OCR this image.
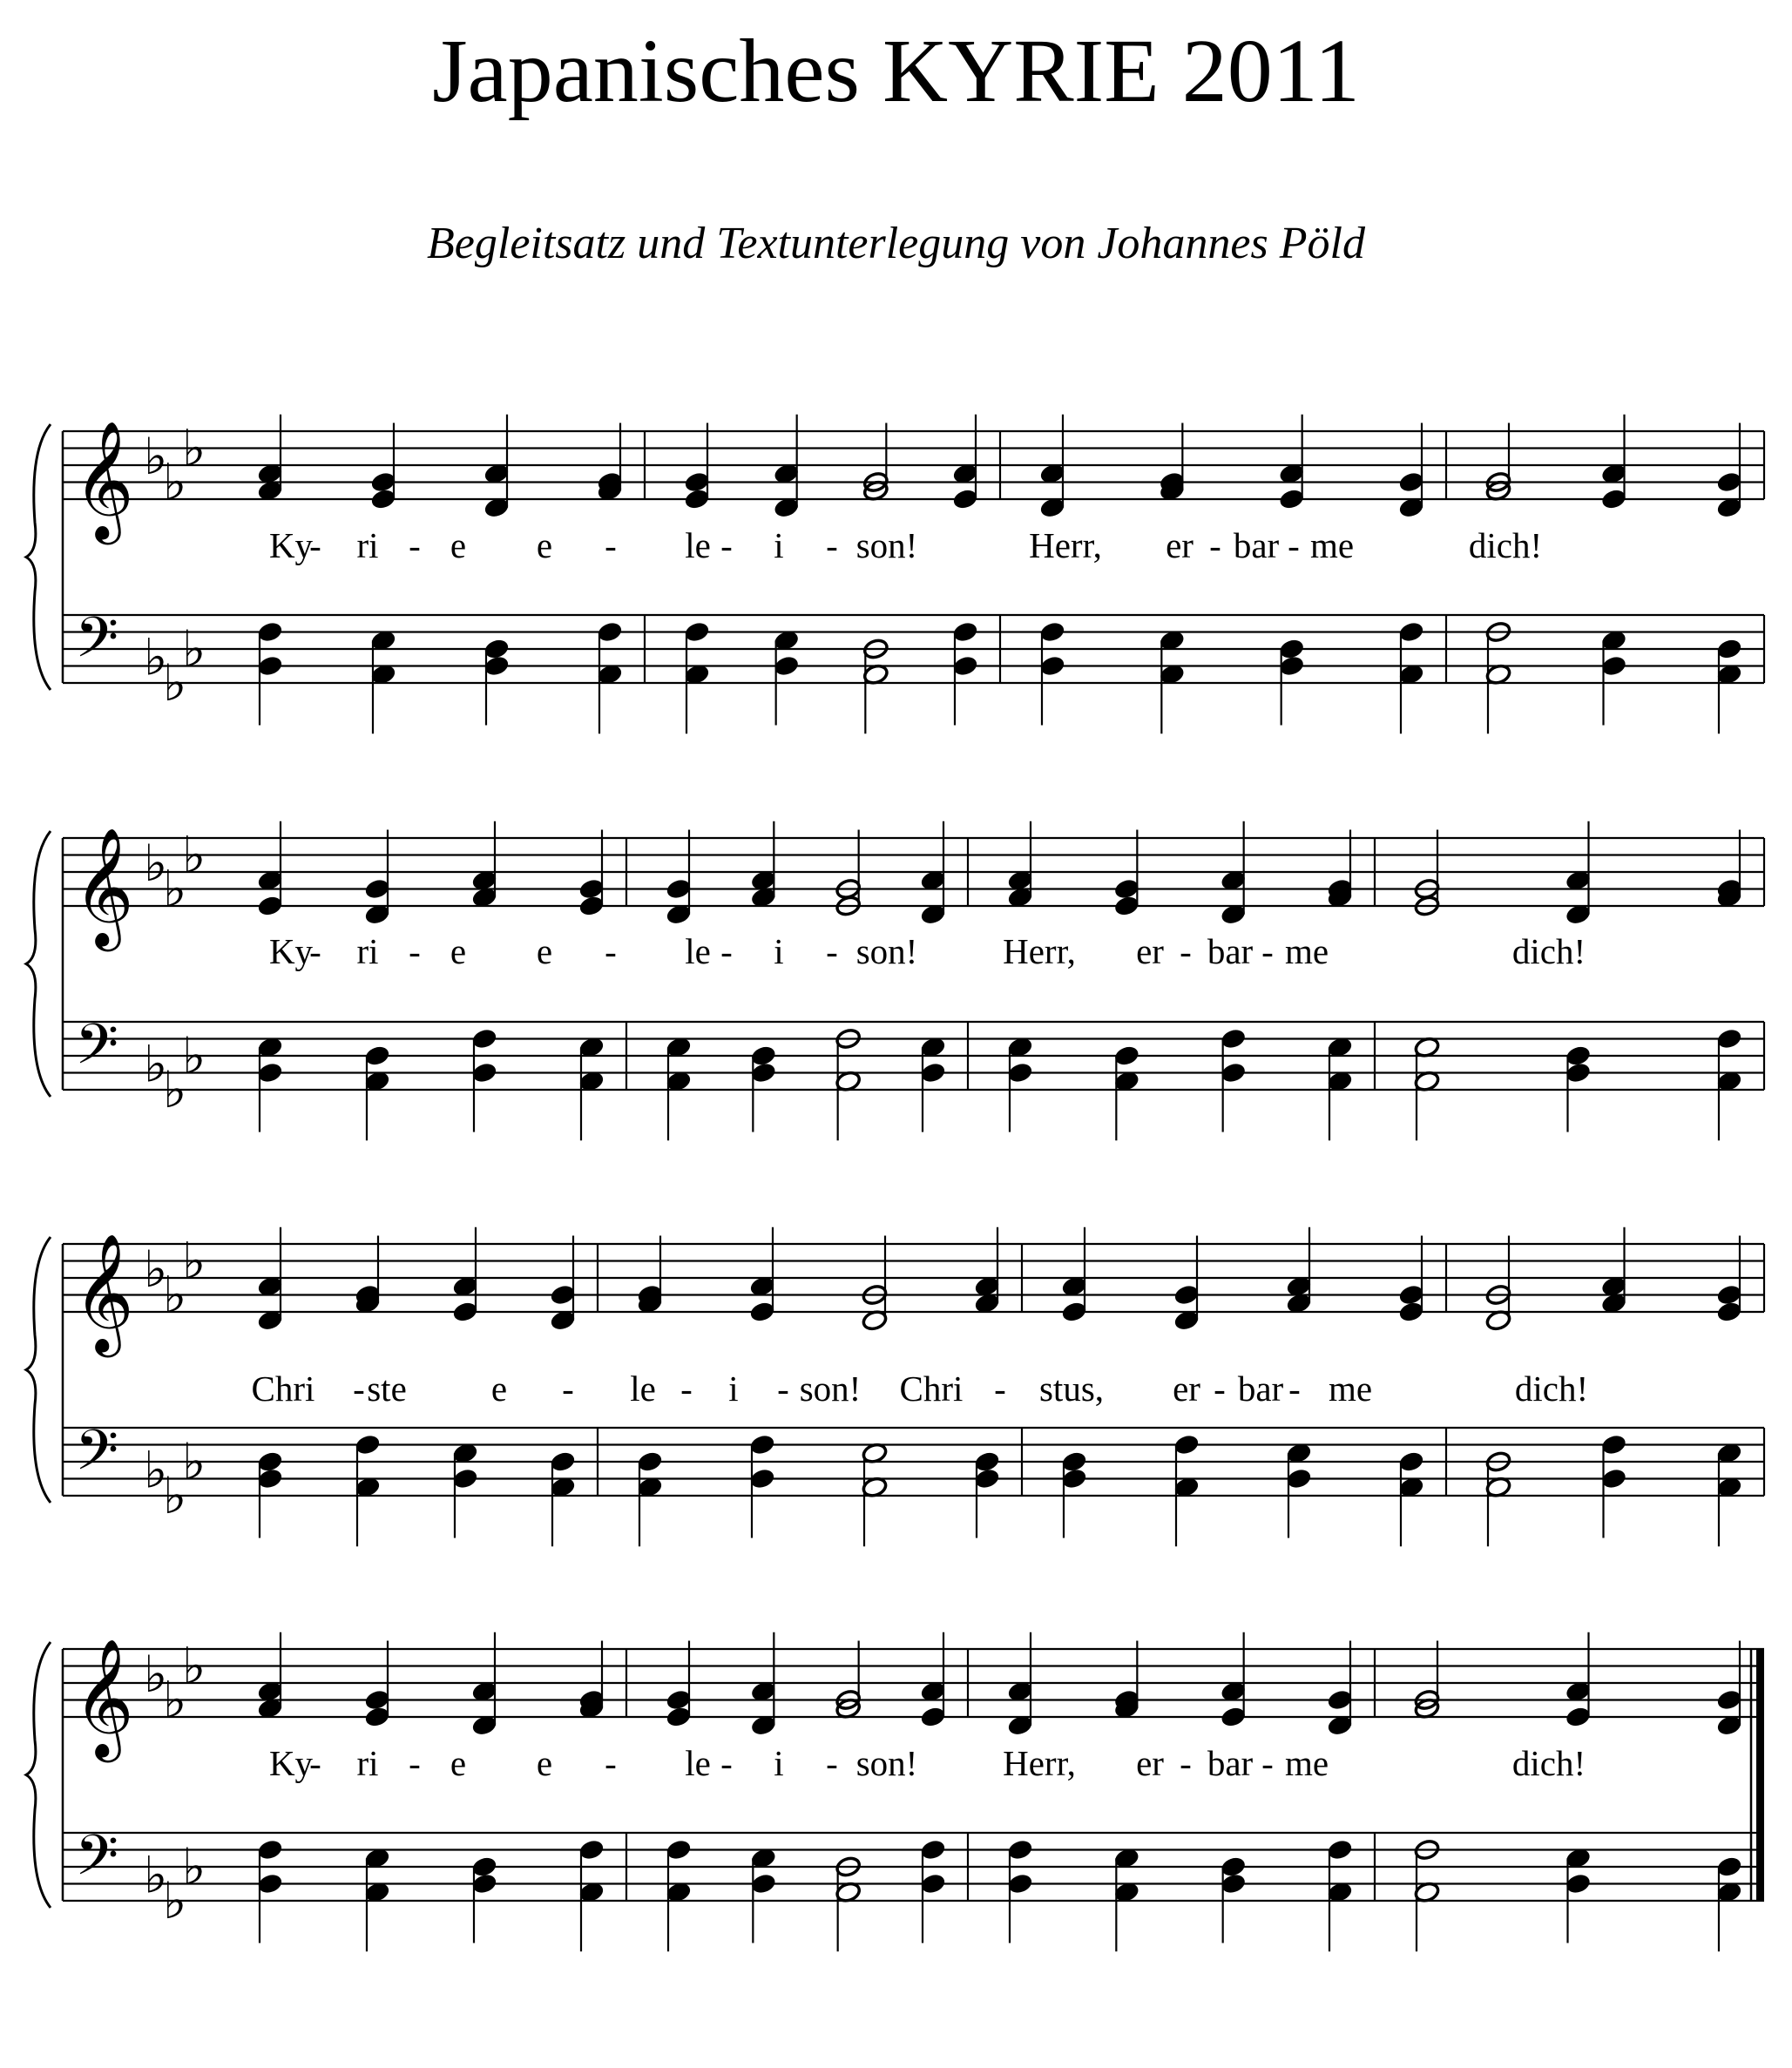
Japanisches KYRIE 2011
Begleitsatz und Textunterlegung von Johannes Pöld
𝄞
𝄢
♭
♭
♭
♭
♭
♭
Ky
- ri - e e - le - i - son!	Herr, er - bar - me	dich!
𝄞
𝄢
♭
♭
♭
♭
♭
♭
Ky
- ri - e e - le - i - son! Herr, er - bar - me	dich!
𝄞
𝄢
♭
♭
♭
♭
♭
♭
Chri - ste e - le - i - son! Chri - stus, er - bar - me	dich!
𝄞
𝄢
♭
♭
♭
♭
♭
♭
Ky
- ri - e e - le - i - son! Herr, er - bar - me	dich!
